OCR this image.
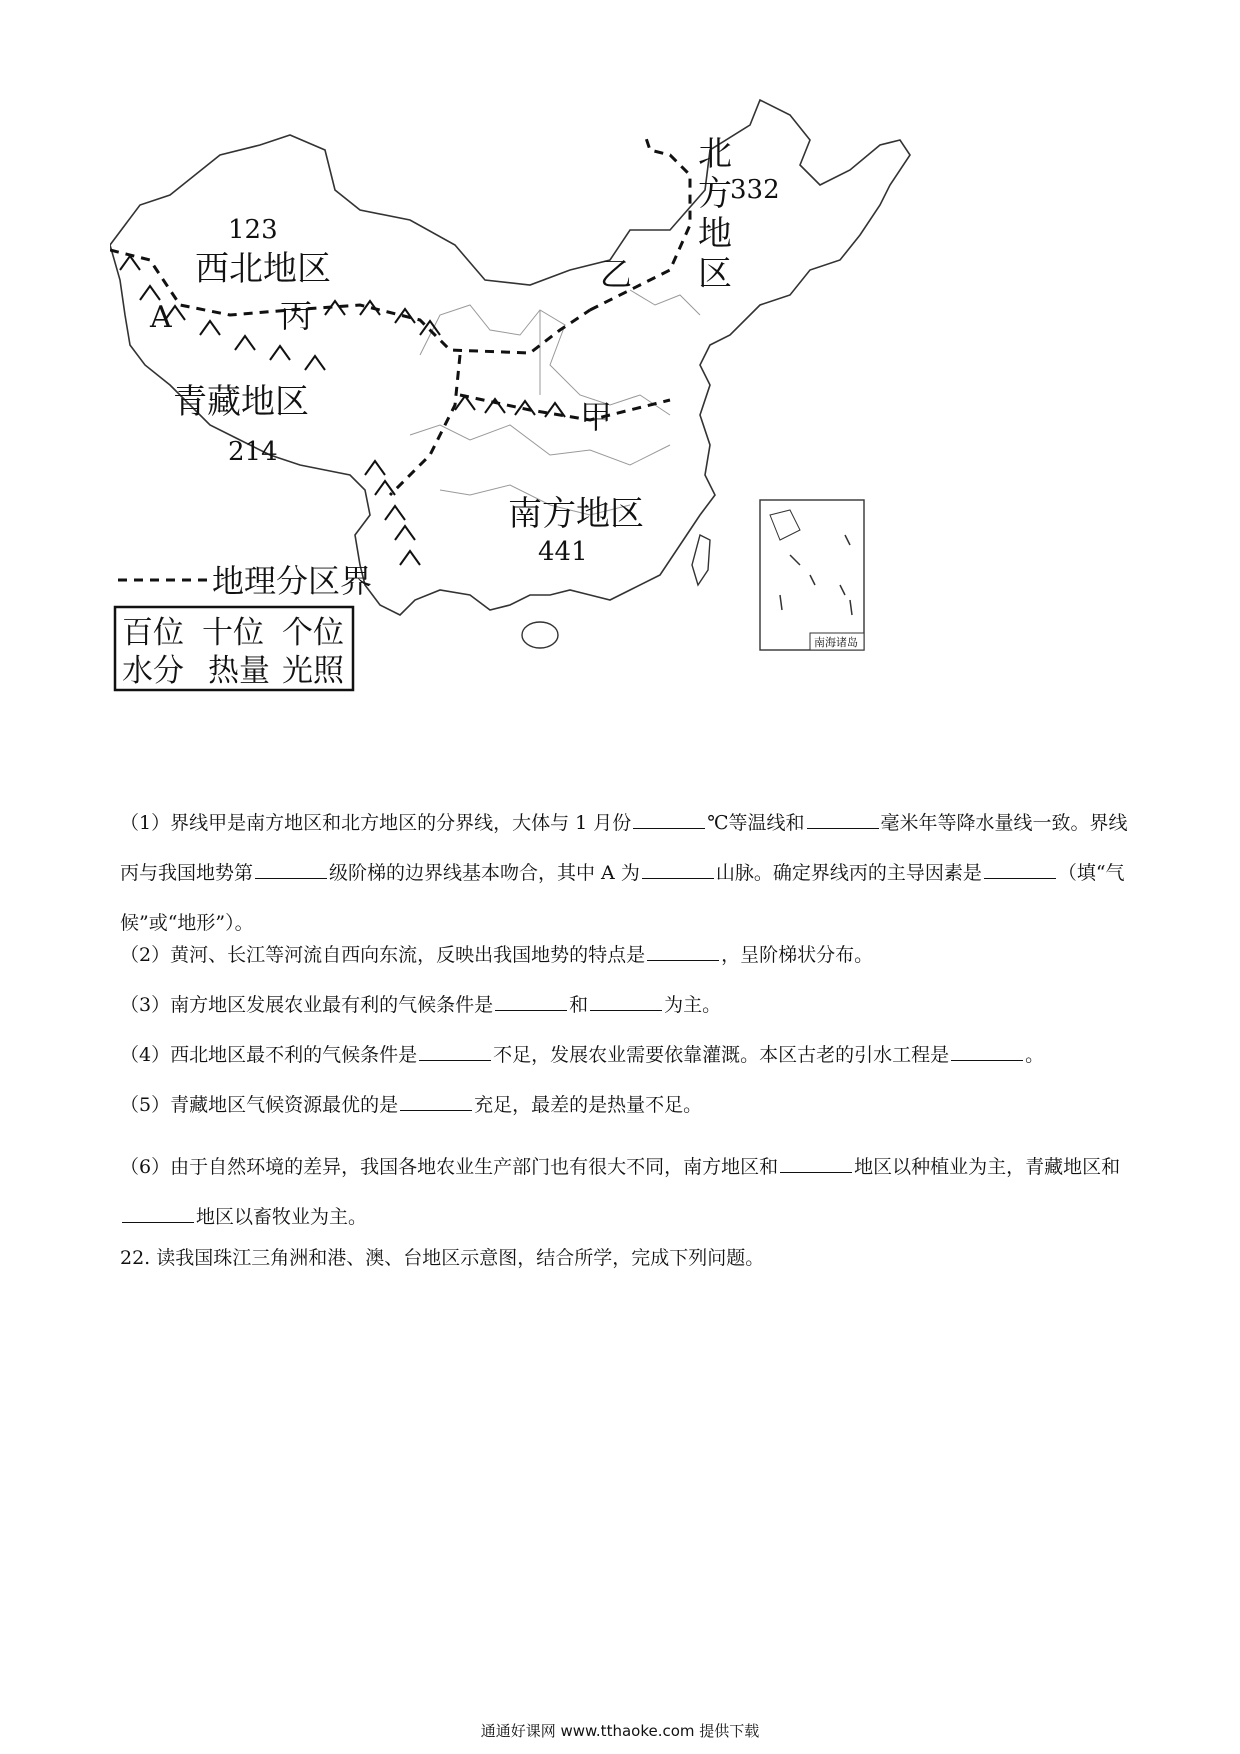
123
西北地区
青藏地区
214
南方地区
441
北
方
地
区
332
甲
乙
丙
A
南海诸岛
地理分区界
百位 十位 个位
水分 热量 光照

（1）界线甲是南方地区和北方地区的分界线，大体与 1 月份	℃等温线和	毫米年等降水量线一致。界线丙与我国地势第	级阶梯的边界线基本吻合，其中 A 为	山脉。确定界线丙的主导因素是	（填“气候”或“地形”）。

（2）黄河、长江等河流自西向东流，反映出我国地势的特点是	，呈阶梯状分布。

（3）南方地区发展农业最有利的气候条件是	和	为主。

（4）西北地区最不利的气候条件是	不足，发展农业需要依靠灌溉。本区古老的引水工程是	。

（5）青藏地区气候资源最优的是	充足，最差的是热量不足。

（6）由于自然环境的差异，我国各地农业生产部门也有很大不同，南方地区和	地区以种植业为主，青藏地区和地区以畜牧业为主。

22. 读我国珠江三角洲和港、澳、台地区示意图，结合所学，完成下列问题。

通通好课网 www.tthaoke.com 提供下载
